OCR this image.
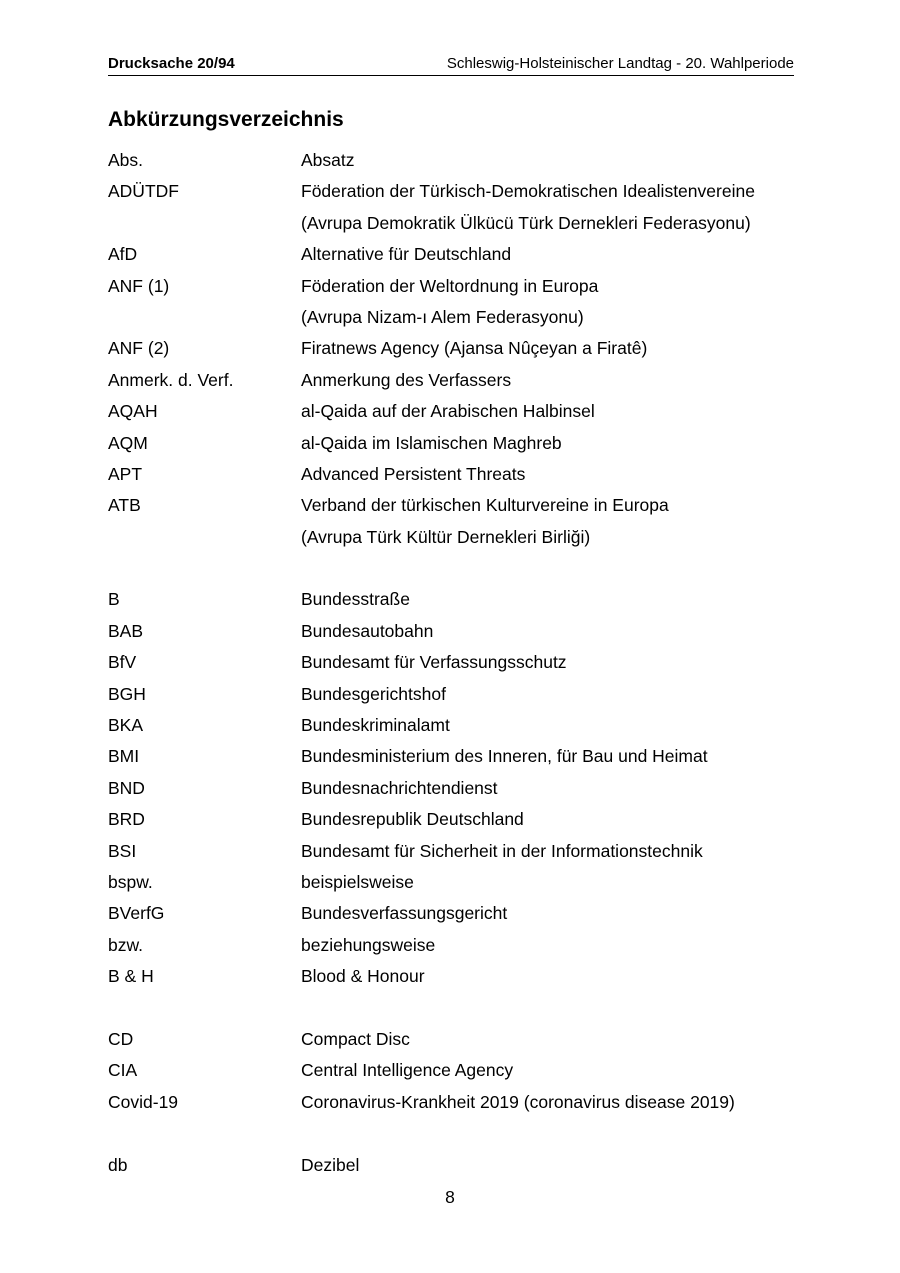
Drucksache 20/94	Schleswig-Holsteinischer Landtag - 20. Wahlperiode
Abkürzungsverzeichnis
Abs.	Absatz
ADÜTDF	Föderation der Türkisch-Demokratischen Idealistenvereine
(Avrupa Demokratik Ülkücü Türk Dernekleri Federasyonu)
AfD	Alternative für Deutschland
ANF (1)	Föderation der Weltordnung in Europa
(Avrupa Nizam-ı Alem Federasyonu)
ANF (2)	Firatnews Agency (Ajansa Nûçeyan a Firatê)
Anmerk. d. Verf.	Anmerkung des Verfassers
AQAH	al-Qaida auf der Arabischen Halbinsel
AQM	al-Qaida im Islamischen Maghreb
APT	Advanced Persistent Threats
ATB	Verband der türkischen Kulturvereine in Europa
(Avrupa Türk Kültür Dernekleri Birliği)
B	Bundesstraße
BAB	Bundesautobahn
BfV	Bundesamt für Verfassungsschutz
BGH	Bundesgerichtshof
BKA	Bundeskriminalamt
BMI	Bundesministerium des Inneren, für Bau und Heimat
BND	Bundesnachrichtendienst
BRD	Bundesrepublik Deutschland
BSI	Bundesamt für Sicherheit in der Informationstechnik
bspw.	beispielsweise
BVerfG	Bundesverfassungsgericht
bzw.	beziehungsweise
B & H	Blood & Honour
CD	Compact Disc
CIA	Central Intelligence Agency
Covid-19	Coronavirus-Krankheit 2019 (coronavirus disease 2019)
db	Dezibel
8
